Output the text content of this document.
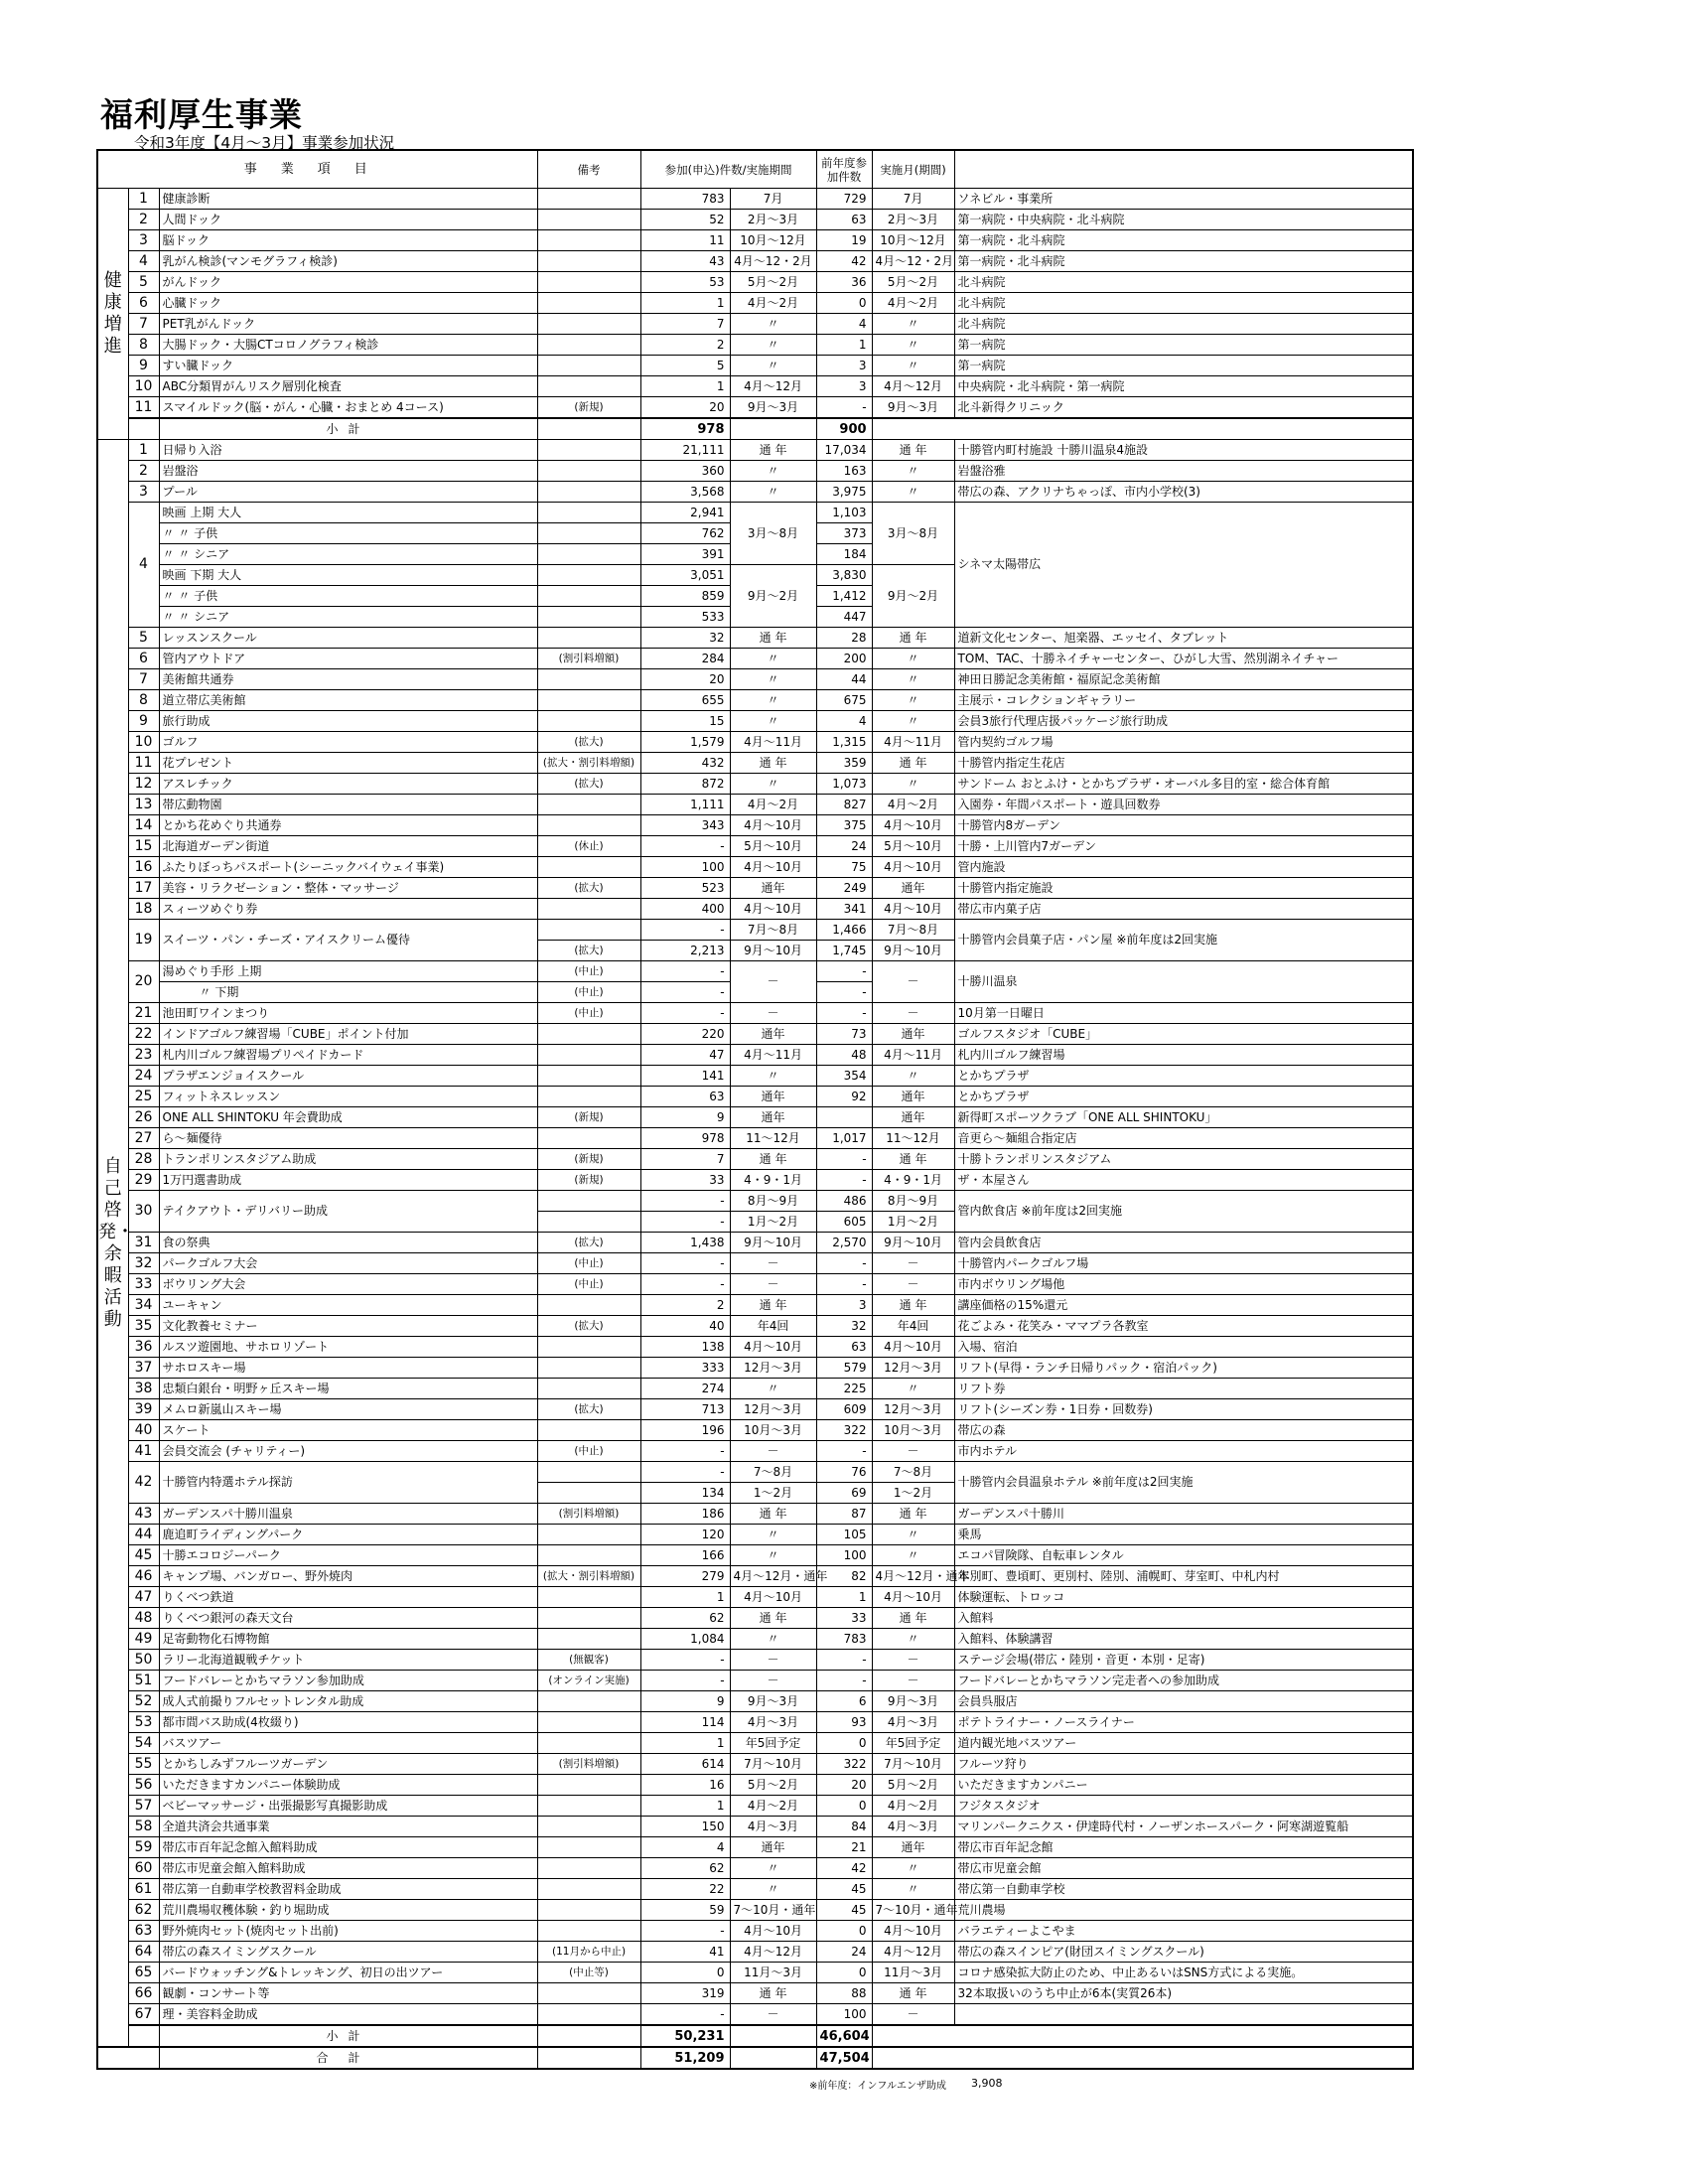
福利厚生事業
令和3年度【4月～3月】事業参加状況
事業項目			備考	参加(申込)件数/実施期間		前年度参加件数	実施月(期間)	
健康増進	1	健康診断		783	7月	729	7月	ソネビル・事業所
	2	人間ドック		52	2月～3月	63	2月～3月	第一病院・中央病院・北斗病院
	3	脳ドック		11	10月～12月	19	10月～12月	第一病院・北斗病院
	4	乳がん検診(マンモグラフィ検診)		43	4月～12・2月	42	4月～12・2月	第一病院・北斗病院
	5	がんドック		53	5月～2月	36	5月～2月	北斗病院
	6	心臓ドック		1	4月～2月	0	4月～2月	北斗病院
	7	PET乳がんドック		7	〃	4	〃	北斗病院
	8	大腸ドック・大腸CTコロノグラフィ検診		2	〃	1	〃	第一病院
	9	すい臓ドック		5	〃	3	〃	第一病院
	10	ABC分類胃がんリスク層別化検査		1	4月～12月	3	4月～12月	中央病院・北斗病院・第一病院
	11	スマイルドック(脳・がん・心臓・おまとめ 4コース)	(新規)	20	9月～3月	-	9月～3月	北斗新得クリニック
		小計		978		900		
自己啓発・余暇活動	1	日帰り入浴		21,111	通 年	17,034	通 年	十勝管内町村施設 十勝川温泉4施設
	2	岩盤浴		360	〃	163	〃	岩盤浴雅
	3	プール		3,568	〃	3,975	〃	帯広の森、アクリナちゃっぽ、市内小学校(3)
	4	映画 上期 大人		2,941	3月～8月	1,103	3月～8月	シネマ太陽帯広
		〃 〃 子供		762		373		
		〃 〃 シニア		391		184		
		映画 下期 大人		3,051	9月～2月	3,830	9月～2月	
		〃 〃 子供		859		1,412		
		〃 〃 シニア		533		447		
	5	レッスンスクール		32	通 年	28	通 年	道新文化センター、旭楽器、エッセイ、タブレット
	6	管内アウトドア	(割引料増額)	284	〃	200	〃	TOM、TAC、十勝ネイチャーセンター、ひがし大雪、然別湖ネイチャー
	7	美術館共通券		20	〃	44	〃	神田日勝記念美術館・福原記念美術館
	8	道立帯広美術館		655	〃	675	〃	主展示・コレクションギャラリー
	9	旅行助成		15	〃	4	〃	会員3旅行代理店扱パッケージ旅行助成
	10	ゴルフ	(拡大)	1,579	4月～11月	1,315	4月～11月	管内契約ゴルフ場
	11	花プレゼント	(拡大・割引料増額)	432	通 年	359	通 年	十勝管内指定生花店
	12	アスレチック	(拡大)	872	〃	1,073	〃	サンドーム おとふけ・とかちプラザ・オーバル多目的室・総合体育館
	13	帯広動物園		1,111	4月～2月	827	4月～2月	入園券・年間パスポート・遊具回数券
	14	とかち花めぐり共通券		343	4月～10月	375	4月～10月	十勝管内8ガーデン
	15	北海道ガーデン街道	(休止)	-	5月～10月	24	5月～10月	十勝・上川管内7ガーデン
	16	ふたりぼっちパスポート(シーニックバイウェイ事業)		100	4月～10月	75	4月～10月	管内施設
	17	美容・リラクゼーション・整体・マッサージ	(拡大)	523	通年	249	通年	十勝管内指定施設
	18	スィーツめぐり券		400	4月～10月	341	4月～10月	帯広市内菓子店
	19	スイーツ・パン・チーズ・アイスクリーム優待		-	7月～8月	1,466	7月～8月	十勝管内会員菓子店・パン屋 ※前年度は2回実施
			(拡大)	2,213	9月～10月	1,745	9月～10月	
	20	湯めぐり手形 上期	(中止)	-	－	-	－	十勝川温泉
		〃 下期	(中止)	-		-		
	21	池田町ワインまつり	(中止)	-	－	-	－	10月第一日曜日
	22	インドアゴルフ練習場「CUBE」ポイント付加		220	通年	73	通年	ゴルフスタジオ「CUBE」
	23	札内川ゴルフ練習場プリペイドカード		47	4月～11月	48	4月～11月	札内川ゴルフ練習場
	24	プラザエンジョイスクール		141	〃	354	〃	とかちプラザ
	25	フィットネスレッスン		63	通年	92	通年	とかちプラザ
	26	ONE ALL SHINTOKU 年会費助成	(新規)	9	通年		通年	新得町スポーツクラブ「ONE ALL SHINTOKU」
	27	ら～麺優待		978	11～12月	1,017	11～12月	音更ら～麺組合指定店
	28	トランポリンスタジアム助成	(新規)	7	通 年	-	通 年	十勝トランポリンスタジアム
	29	1万円選書助成	(新規)	33	4・9・1月	-	4・9・1月	ザ・本屋さん
	30	テイクアウト・デリバリー助成		-	8月～9月	486	8月～9月	管内飲食店 ※前年度は2回実施
				-	1月～2月	605	1月～2月	
	31	食の祭典	(拡大)	1,438	9月～10月	2,570	9月～10月	管内会員飲食店
	32	パークゴルフ大会	(中止)	-	－	-	－	十勝管内パークゴルフ場
	33	ボウリング大会	(中止)	-	－	-	－	市内ボウリング場他
	34	ユーキャン		2	通 年	3	通 年	講座価格の15%還元
	35	文化教養セミナー	(拡大)	40	年4回	32	年4回	花ごよみ・花笑み・ママプラ各教室
	36	ルスツ遊園地、サホロリゾート		138	4月～10月	63	4月～10月	入場、宿泊
	37	サホロスキー場		333	12月～3月	579	12月～3月	リフト(早得・ランチ日帰りパック・宿泊パック)
	38	忠類白銀台・明野ヶ丘スキー場		274	〃	225	〃	リフト券
	39	メムロ新嵐山スキー場	(拡大)	713	12月～3月	609	12月～3月	リフト(シーズン券・1日券・回数券)
	40	スケート		196	10月～3月	322	10月～3月	帯広の森
	41	会員交流会 (チャリティー)	(中止)	-	－	-	－	市内ホテル
	42	十勝管内特選ホテル探訪		-	7～8月	76	7～8月	十勝管内会員温泉ホテル ※前年度は2回実施
				134	1～2月	69	1～2月	
	43	ガーデンスパ十勝川温泉	(割引料増額)	186	通 年	87	通 年	ガーデンスパ十勝川
	44	鹿追町ライディングパーク		120	〃	105	〃	乗馬
	45	十勝エコロジーパーク		166	〃	100	〃	エコパ冒険隊、自転車レンタル
	46	キャンプ場、バンガロー、野外焼肉	(拡大・割引料増額)	279	4月～12月・通年	82	4月～12月・通年	本別町、豊頃町、更別村、陸別、浦幌町、芽室町、中札内村
	47	りくべつ鉄道		1	4月～10月	1	4月～10月	体験運転、トロッコ
	48	りくべつ銀河の森天文台		62	通 年	33	通 年	入館料
	49	足寄動物化石博物館		1,084	〃	783	〃	入館料、体験講習
	50	ラリー北海道観戦チケット	(無観客)	-	－	-	－	ステージ会場(帯広・陸別・音更・本別・足寄)
	51	フードバレーとかちマラソン参加助成	(オンライン実施)	-	－	-	－	フードバレーとかちマラソン完走者への参加助成
	52	成人式前撮りフルセットレンタル助成		9	9月～3月	6	9月～3月	会員呉服店
	53	都市間バス助成(4枚綴り)		114	4月～3月	93	4月～3月	ポテトライナー・ノースライナー
	54	バスツアー		1	年5回予定	0	年5回予定	道内観光地バスツアー
	55	とかちしみずフルーツガーデン	(割引料増額)	614	7月～10月	322	7月～10月	フルーツ狩り
	56	いただきますカンパニー体験助成		16	5月～2月	20	5月～2月	いただきますカンパニー
	57	ベビーマッサージ・出張撮影写真撮影助成		1	4月～2月	0	4月～2月	フジタスタジオ
	58	全道共済会共通事業		150	4月～3月	84	4月～3月	マリンパークニクス・伊達時代村・ノーザンホースパーク・阿寒湖遊覧船
	59	帯広市百年記念館入館料助成		4	通年	21	通年	帯広市百年記念館
	60	帯広市児童会館入館料助成		62	〃	42	〃	帯広市児童会館
	61	帯広第一自動車学校教習料金助成		22	〃	45	〃	帯広第一自動車学校
	62	荒川農場収穫体験・釣り堀助成		59	7～10月・通年	45	7～10月・通年	荒川農場
	63	野外焼肉セット(焼肉セット出前)		-	4月～10月	0	4月～10月	バラエティーよこやま
	64	帯広の森スイミングスクール	(11月から中止)	41	4月～12月	24	4月～12月	帯広の森スインピア(財団スイミングスクール)
	65	バードウォッチング&トレッキング、初日の出ツアー	(中止等)	0	11月～3月	0	11月～3月	コロナ感染拡大防止のため、中止あるいはSNS方式による実施。
	66	観劇・コンサート等		319	通 年	88	通 年	32本取扱いのうち中止が6本(実質26本)
	67	理・美容料金助成		-	－	100	－	
		小計		50,231		46,604		
		合計		51,209		47,504		
※前年度：インフルエンザ助成 3,908
